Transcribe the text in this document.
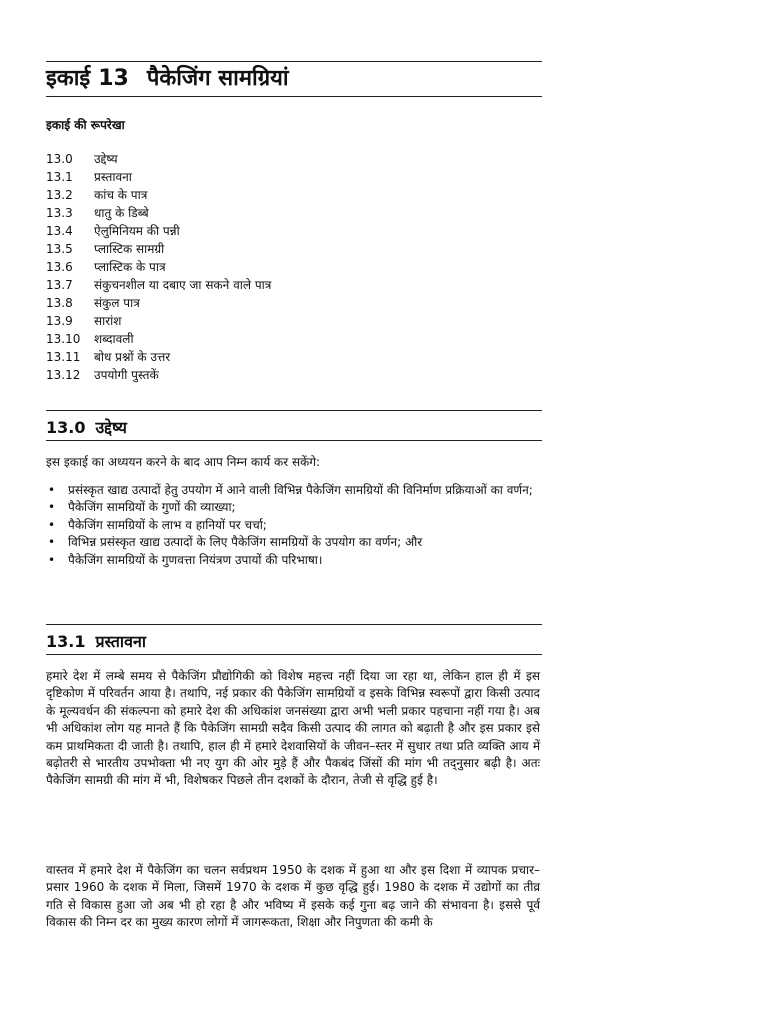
इकाई 13 पैकेजिंग सामग्रियां
इकाई की रूपरेखा
13.0 उद्देष्य
13.1 प्रस्तावना
13.2 कांच के पात्र
13.3 धातु के डिब्बे
13.4 ऐलुमिनियम की पन्नी
13.5 प्लास्टिक सामग्री
13.6 प्लास्टिक के पात्र
13.7 संकुचनशील या दबाए जा सकने वाले पात्र
13.8 संकुल पात्र
13.9 सारांश
13.10 शब्दावली
13.11 बोध प्रश्नों के उत्तर
13.12 उपयोगी पुस्तकें
13.0 उद्देष्य

इस इकाई का अध्ययन करने के बाद आप निम्न कार्य कर सकेंगे:

• प्रसंस्कृत खाद्य उत्पादों हेतु उपयोग में आने वाली विभिन्न पैकेजिंग सामग्रियों की विनिर्माण प्रक्रियाओं का वर्णन;
• पैकेजिंग सामग्रियों के गुणों की व्याख्या;
• पैकेजिंग सामग्रियों के लाभ व हानियों पर चर्चा;
• विभिन्न प्रसंस्कृत खाद्य उत्पादों के लिए पैकेजिंग सामग्रियों के उपयोग का वर्णन; और
• पैकेजिंग सामग्रियों के गुणवत्ता नियंत्रण उपायों की परिभाषा।
13.1 प्रस्तावना

हमारे देश में लम्बे समय से पैकेजिंग प्रौद्योगिकी को विशेष महत्त्व नहीं दिया जा रहा था, लेकिन हाल ही में इस दृष्टिकोण में परिवर्तन आया है। तथापि, नई प्रकार की पैकेजिंग सामग्रियों व इसके विभिन्न स्वरूपों द्वारा किसी उत्पाद के मूल्यवर्धन की संकल्पना को हमारे देश की अधिकांश जनसंख्या द्वारा अभी भली प्रकार पहचाना नहीं गया है। अब भी अधिकांश लोग यह मानते हैं कि पैकेजिंग सामग्री सदैव किसी उत्पाद की लागत को बढ़ाती है और इस प्रकार इसे कम प्राथमिकता दी जाती है। तथापि, हाल ही में हमारे देशवासियों के जीवन–स्तर में सुधार तथा प्रति व्यक्ति आय में बढ़ोतरी से भारतीय उपभोक्ता भी नए युग की ओर मुड़े हैं और पैकबंद जिंसों की मांग भी तद्नुसार बढ़ी है। अतः पैकेजिंग सामग्री की मांग में भी, विशेषकर पिछले तीन दशकों के दौरान, तेजी से वृद्धि हुई है।

वास्तव में हमारे देश में पैकेजिंग का चलन सर्वप्रथम 1950 के दशक में हुआ था और इस दिशा में व्यापक प्रचार–प्रसार 1960 के दशक में मिला, जिसमें 1970 के दशक में कुछ वृद्धि हुई। 1980 के दशक में उद्योगों का तीव्र गति से विकास हुआ जो अब भी हो रहा है और भविष्य में इसके कई गुना बढ़ जाने की संभावना है। इससे पूर्व विकास की निम्न दर का मुख्य कारण लोगों में जागरूकता, शिक्षा और निपुणता की कमी के
